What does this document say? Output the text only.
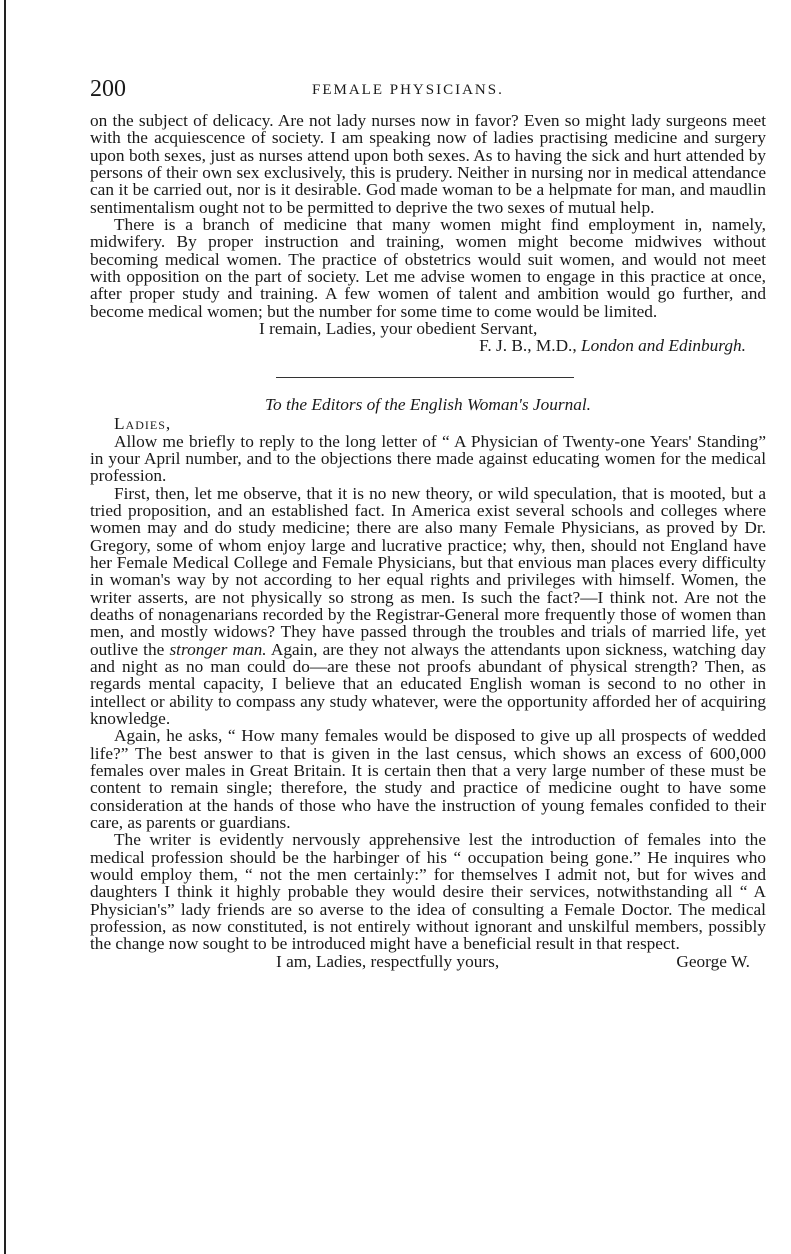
200	FEMALE PHYSICIANS.

on the subject of delicacy. Are not lady nurses now in favor? Even so might lady surgeons meet with the acquiescence of society. I am speaking now of ladies practising medicine and surgery upon both sexes, just as nurses attend upon both sexes. As to having the sick and hurt attended by persons of their own sex exclusively, this is prudery. Neither in nursing nor in medical attendance can it be carried out, nor is it desirable. God made woman to be a helpmate for man, and maudlin sentimentalism ought not to be permitted to deprive the two sexes of mutual help.

There is a branch of medicine that many women might find employment in, namely, midwifery. By proper instruction and training, women might become midwives without becoming medical women. The practice of obstetrics would suit women, and would not meet with opposition on the part of society. Let me advise women to engage in this practice at once, after proper study and training. A few women of talent and ambition would go further, and become medical women; but the number for some time to come would be limited.

I remain, Ladies, your obedient Servant,

F. J. B., M.D., London and Edinburgh.

To the Editors of the English Woman's Journal.

Ladies,

Allow me briefly to reply to the long letter of “ A Physician of Twenty-one Years' Standing” in your April number, and to the objections there made against educating women for the medical profession.

First, then, let me observe, that it is no new theory, or wild speculation, that is mooted, but a tried proposition, and an established fact. In America exist several schools and colleges where women may and do study medicine; there are also many Female Physicians, as proved by Dr. Gregory, some of whom enjoy large and lucrative practice; why, then, should not England have her Female Medical College and Female Physicians, but that envious man places every difficulty in woman's way by not according to her equal rights and privileges with himself. Women, the writer asserts, are not physically so strong as men. Is such the fact?—I think not. Are not the deaths of nonagenarians recorded by the Registrar-General more frequently those of women than men, and mostly widows? They have passed through the troubles and trials of married life, yet outlive the stronger man. Again, are they not always the attendants upon sickness, watching day and night as no man could do—are these not proofs abundant of physical strength? Then, as regards mental capacity, I believe that an educated English woman is second to no other in intellect or ability to compass any study whatever, were the opportunity afforded her of acquiring knowledge.

Again, he asks, “ How many females would be disposed to give up all prospects of wedded life?” The best answer to that is given in the last census, which shows an excess of 600,000 females over males in Great Britain. It is certain then that a very large number of these must be content to remain single; therefore, the study and practice of medicine ought to have some consideration at the hands of those who have the instruction of young females confided to their care, as parents or guardians.

The writer is evidently nervously apprehensive lest the introduction of females into the medical profession should be the harbinger of his “ occupation being gone.” He inquires who would employ them, “ not the men certainly:” for themselves I admit not, but for wives and daughters I think it highly probable they would desire their services, notwithstanding all “ A Physician's” lady friends are so averse to the idea of consulting a Female Doctor. The medical profession, as now constituted, is not entirely without ignorant and unskilful members, possibly the change now sought to be introduced might have a beneficial result in that respect.

I am, Ladies, respectfully yours,	George W.
